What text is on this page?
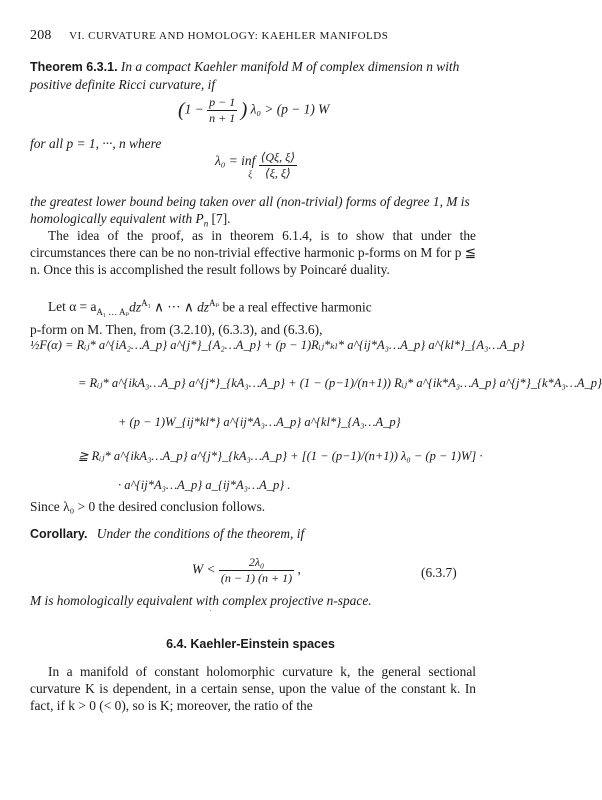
208 VI. CURVATURE AND HOMOLOGY: KAEHLER MANIFOLDS
Theorem 6.3.1. In a compact Kaehler manifold M of complex dimension n with positive definite Ricci curvature, if
($1 - \frac{p - 1}{n + 1}$ ) λ₀ > (p − 1) W
for all p = 1, ···, n where
λ₀ = inf
ξ
$\frac{⟨Q\xi, \xi⟩}{⟨\xi, \xi⟩}$
the greatest lower bound being taken over all (non-trivial) forms of degree 1, M is homologically equivalent with $P_n$ [7].
The idea of the proof, as in theorem 6.1.4, is to show that under the circumstances there can be no non-trivial effective harmonic p-forms on M for p ≦ n. Once this is accomplished the result follows by Poincaré duality.
Let $\alpha = a_{A_1 \dots A_p}dz^{A_1}$ ∧ ··· ∧ $dz^{A_p}$ be a real effective harmonic
p-form on M. Then, from (3.2.10), (6.3.3), and (6.3.6),
½F(α) = Rᵢⱼ* a^{iA₂…A_p} a^{j*}_{A₂…A_p} + (p − 1)Rᵢⱼ*ₖₗ* a^{ij*A₃…A_p} a^{kl*}_{A₃…A_p}
= Rᵢⱼ* a^{ikA₃…A_p} a^{j*}_{kA₃…A_p} + (1 − (p−1)/(n+1)) Rᵢⱼ* a^{ik*A₃…A_p} a^{j*}_{k*A₃…A_p}
+ (p − 1)W_{ij*kl*} a^{ij*A₃…A_p} a^{kl*}_{A₃…A_p}
≧ Rᵢⱼ* a^{ikA₃…A_p} a^{j*}_{kA₃…A_p} + [(1 − (p−1)/(n+1)) λ₀ − (p − 1)W] ·
· a^{ij*A₃…A_p} a_{ij*A₃…A_p} .
Since λ₀ > 0 the desired conclusion follows.
Corollary. Under the conditions of the theorem, if
$W < \frac{\text{2λ₀}}{(n - 1) (n + 1)}$ ,	(6.3.7)
M is homologically equivalent with complex projective n-space.
6.4. Kaehler-Einstein spaces
In a manifold of constant holomorphic curvature k, the general sectional curvature K is dependent, in a certain sense, upon the value of the constant k. In fact, if k > 0 (< 0), so is K; moreover, the ratio of the
